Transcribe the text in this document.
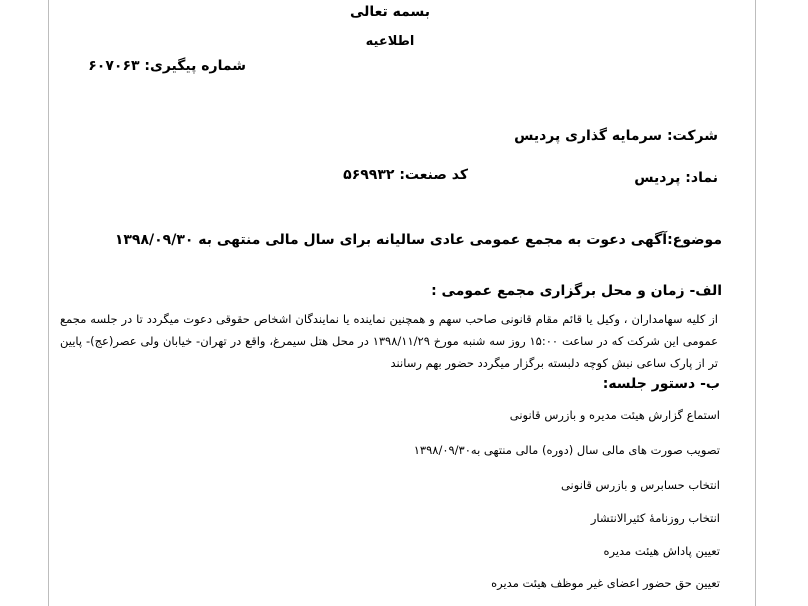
بسمه تعالی
اطلاعیه
شماره پیگیری: ۶۰۷۰۶۳
شرکت: سرمایه گذاری پردیس
نماد: پردیس
کد صنعت: ۵۶۹۹۳۲
موضوع:آگهی دعوت به مجمع عمومی عادی سالیانه برای سال مالی منتهی به ۱۳۹۸/۰۹/۳۰
الف- زمان و محل برگزاری مجمع عمومی :
از کلیه سهامداران ، وکیل یا قائم مقام قانونی صاحب سهم و همچنین نماینده یا نمایندگان اشخاص حقوقی دعوت میگردد تا در جلسه مجمع عمومی این شرکت که در ساعت ۱۵:۰۰ روز سه شنبه مورخ ۱۳۹۸/۱۱/۲۹ در محل هتل سیمرغ، واقع در تهران- خیابان ولی عصر(عج)- پایین تر از پارک ساعی نبش کوچه دلبسته برگزار میگردد حضور بهم رسانند
ب- دستور جلسه:
استماع گزارش هیئت مدیره و بازرس قانونی
تصویب صورت های مالی سال (دوره) مالی منتهی به۱۳۹۸/۰۹/۳۰
انتخاب حسابرس و بازرس قانونی
انتخاب روزنامهٔ کثیرالانتشار
تعیین پاداش هیئت مدیره
تعیین حق حضور اعضای غیر موظف هیئت مدیره
